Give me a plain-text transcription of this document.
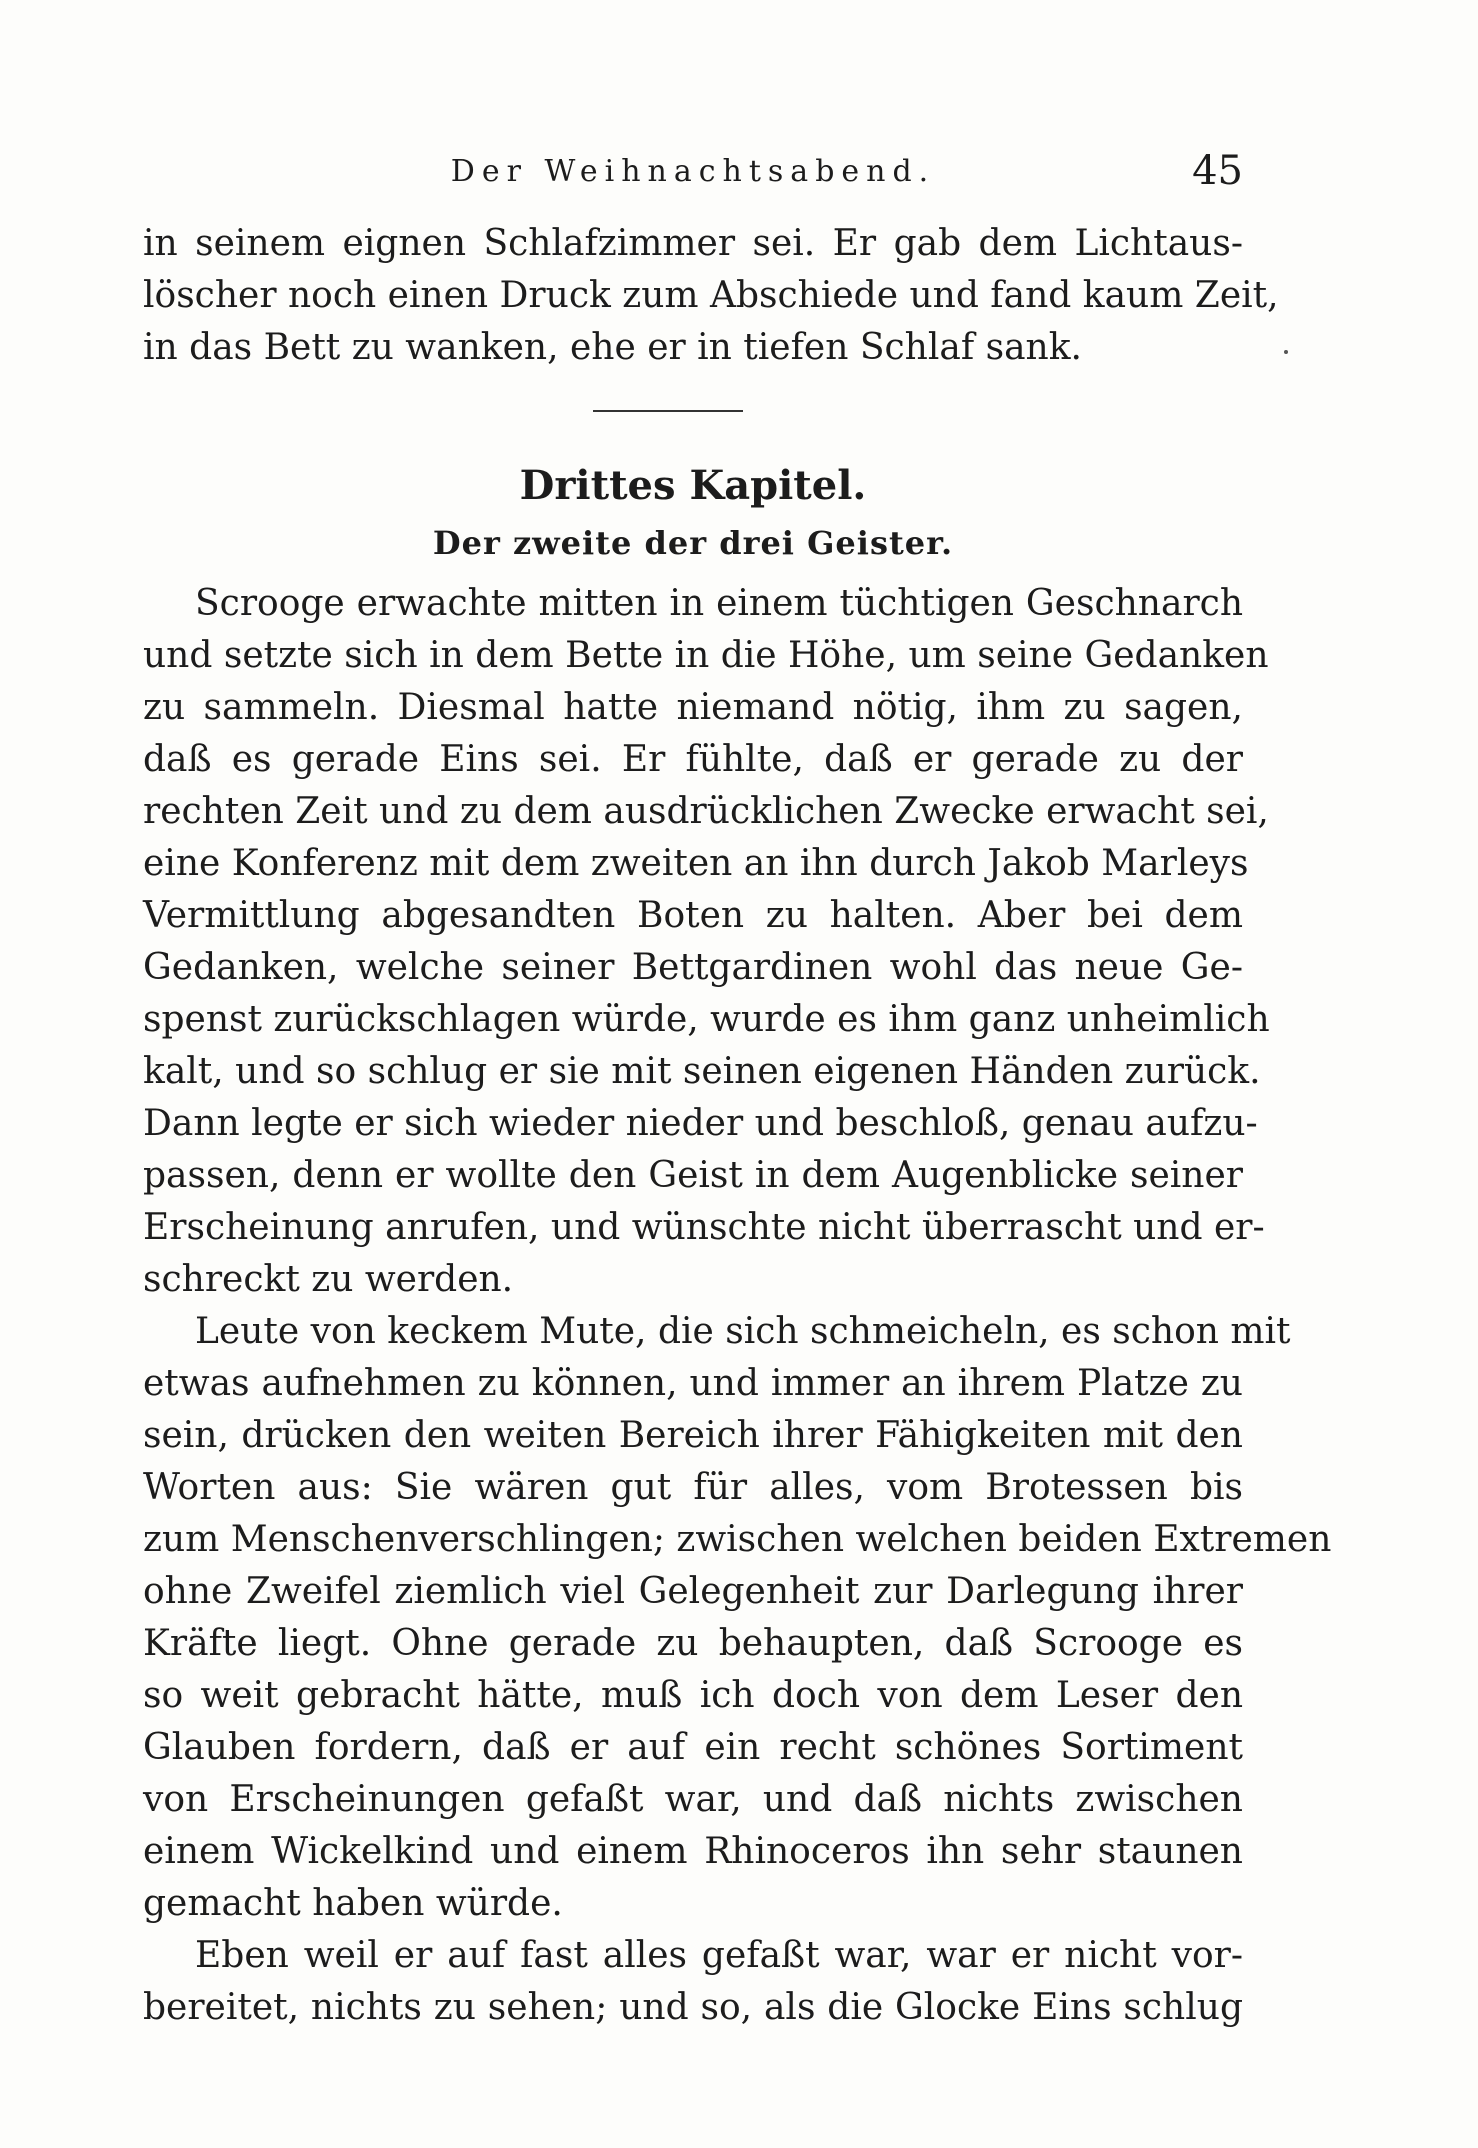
Der Weihnachtsabend.	45
in seinem eignen Schlafzimmer sei. Er gab dem Lichtaus-
löscher noch einen Druck zum Abschiede und fand kaum Zeit,
in das Bett zu wanken, ehe er in tiefen Schlaf sank.
Drittes Kapitel.
Der zweite der drei Geister.
Scrooge erwachte mitten in einem tüchtigen Geschnarch
und setzte sich in dem Bette in die Höhe, um seine Gedanken
zu sammeln. Diesmal hatte niemand nötig, ihm zu sagen,
daß es gerade Eins sei. Er fühlte, daß er gerade zu der
rechten Zeit und zu dem ausdrücklichen Zwecke erwacht sei,
eine Konferenz mit dem zweiten an ihn durch Jakob Marleys
Vermittlung abgesandten Boten zu halten. Aber bei dem
Gedanken, welche seiner Bettgardinen wohl das neue Ge-
spenst zurückschlagen würde, wurde es ihm ganz unheimlich
kalt, und so schlug er sie mit seinen eigenen Händen zurück.
Dann legte er sich wieder nieder und beschloß, genau aufzu-
passen, denn er wollte den Geist in dem Augenblicke seiner
Erscheinung anrufen, und wünschte nicht überrascht und er-
schreckt zu werden.
Leute von keckem Mute, die sich schmeicheln, es schon mit
etwas aufnehmen zu können, und immer an ihrem Platze zu
sein, drücken den weiten Bereich ihrer Fähigkeiten mit den
Worten aus: Sie wären gut für alles, vom Brotessen bis
zum Menschenverschlingen; zwischen welchen beiden Extremen
ohne Zweifel ziemlich viel Gelegenheit zur Darlegung ihrer
Kräfte liegt. Ohne gerade zu behaupten, daß Scrooge es
so weit gebracht hätte, muß ich doch von dem Leser den
Glauben fordern, daß er auf ein recht schönes Sortiment
von Erscheinungen gefaßt war, und daß nichts zwischen
einem Wickelkind und einem Rhinoceros ihn sehr staunen
gemacht haben würde.
Eben weil er auf fast alles gefaßt war, war er nicht vor-
bereitet, nichts zu sehen; und so, als die Glocke Eins schlug
